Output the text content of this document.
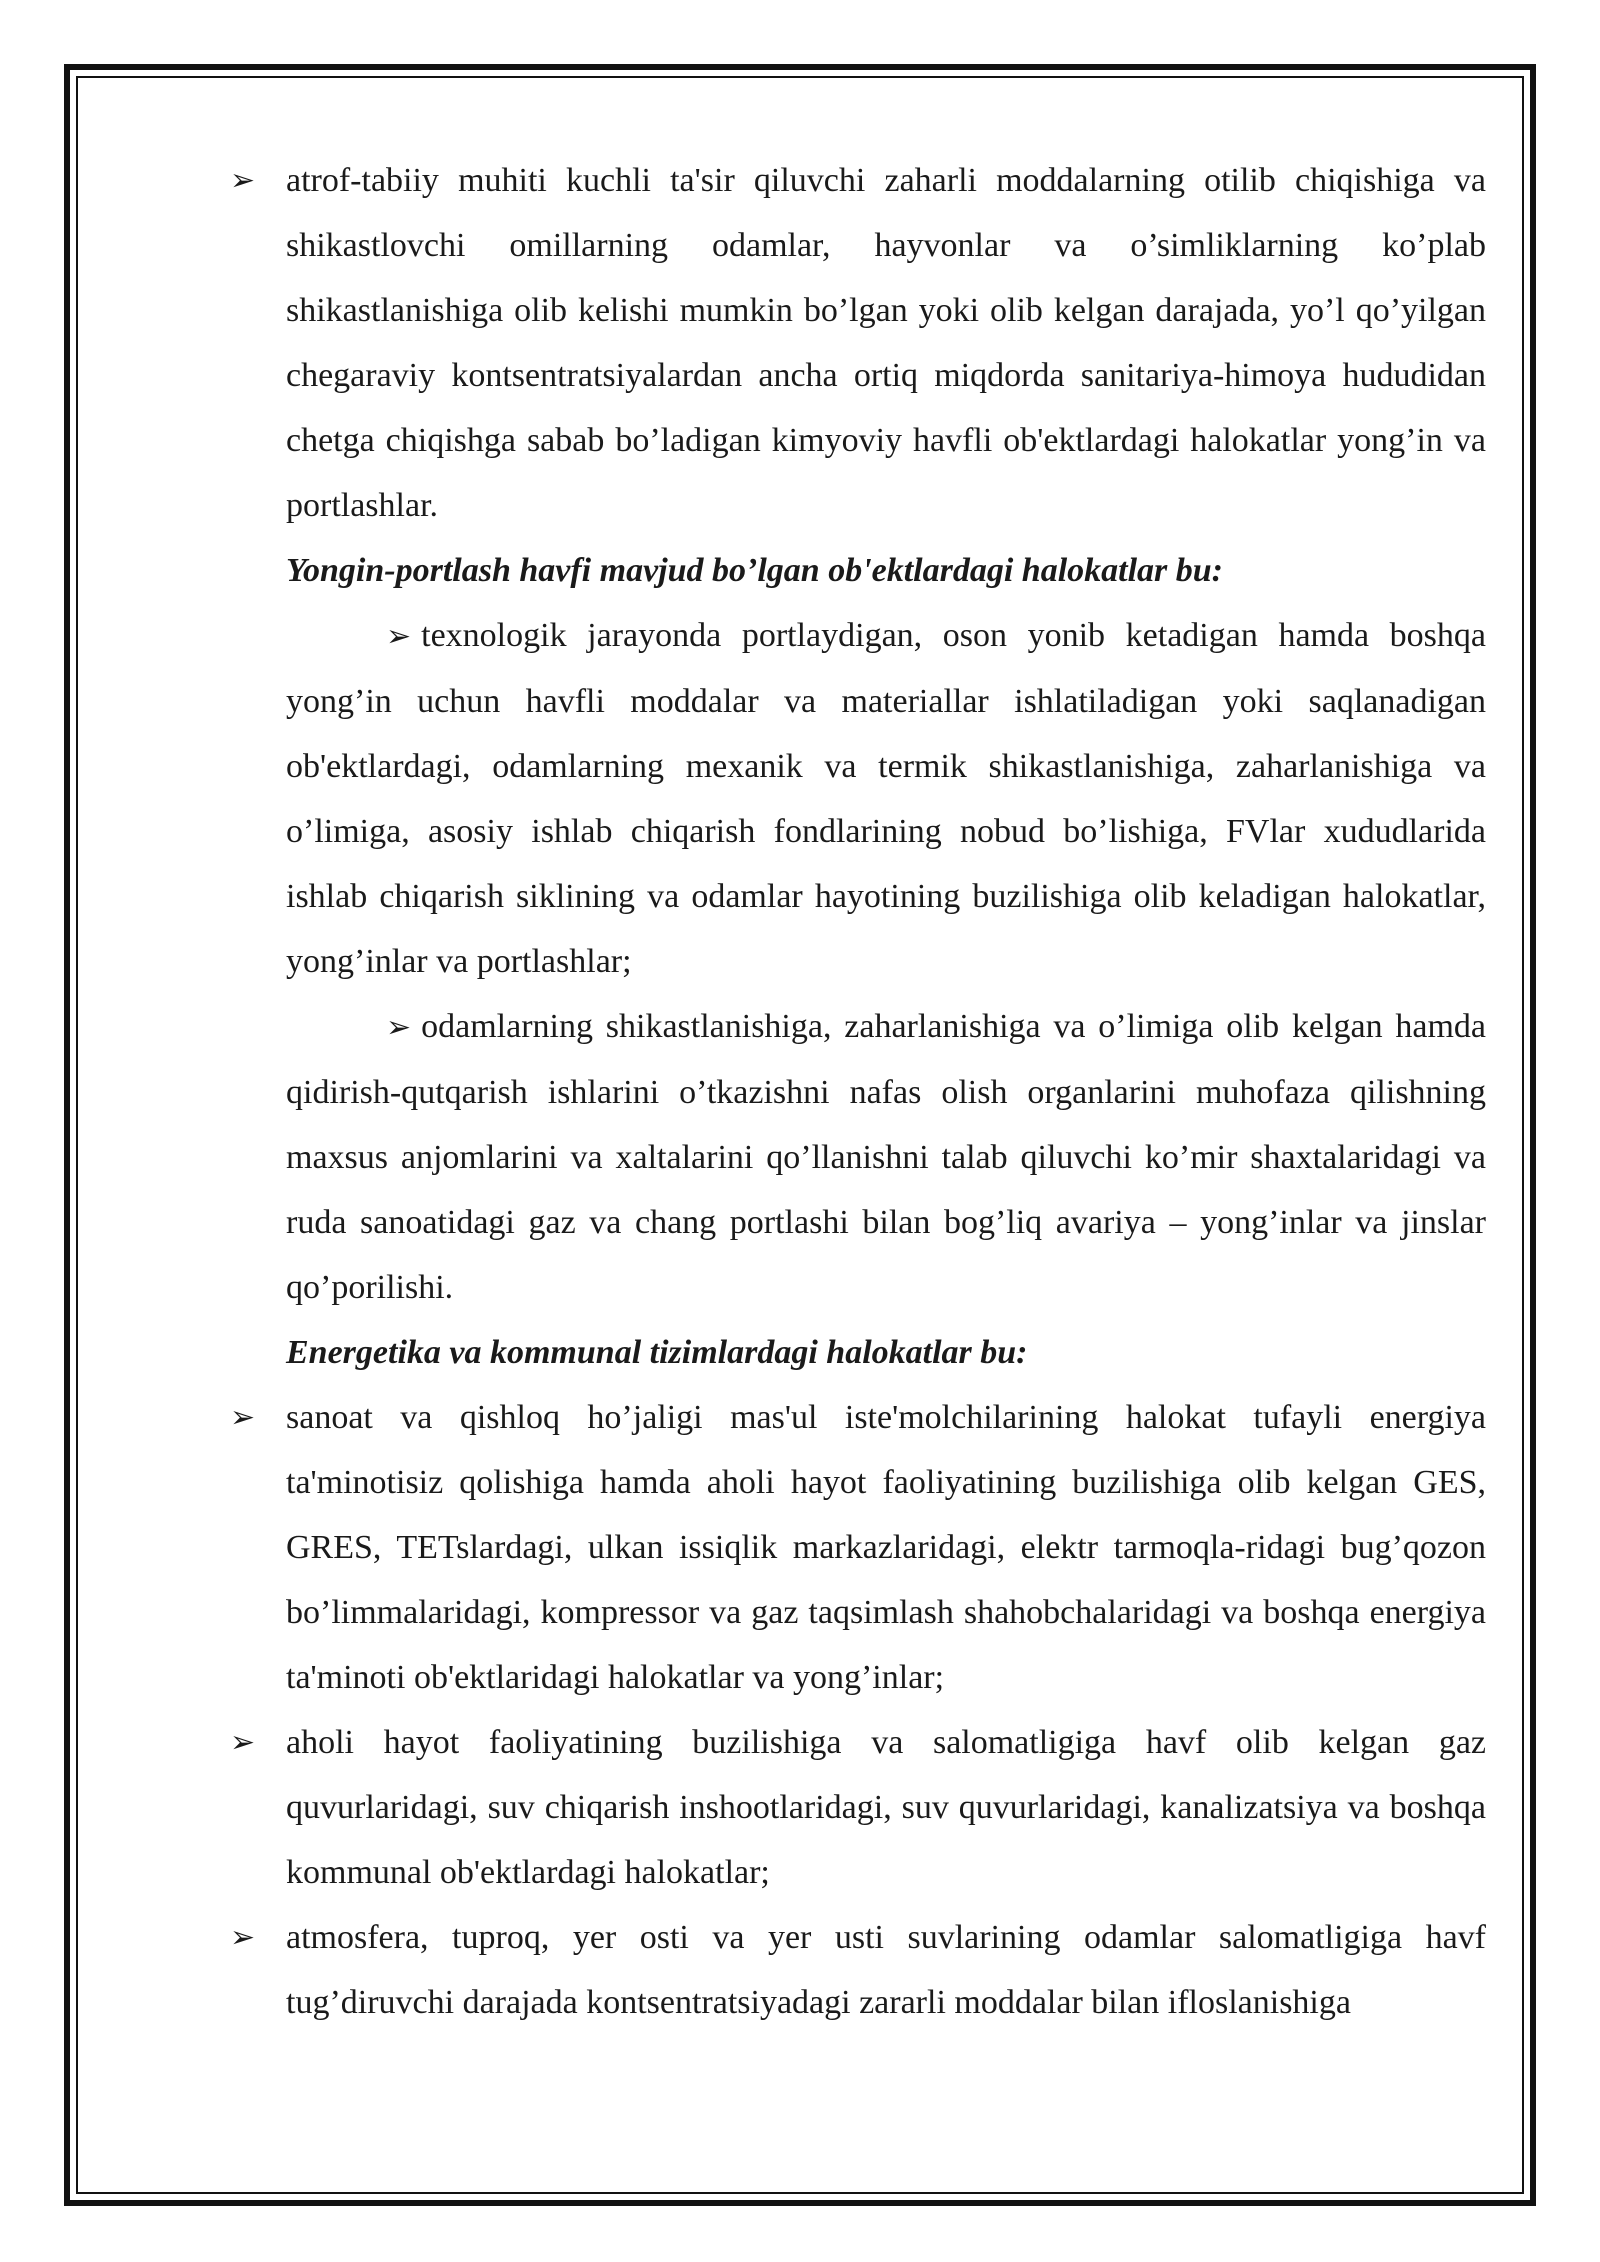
➢ atrof-tabiiy muhiti kuchli ta'sir qiluvchi zaharli moddalarning otilib chiqishiga va shikastlovchi omillarning odamlar, hayvonlar va o’simliklarning ko’plab shikastlanishiga olib kelishi mumkin bo’lgan yoki olib kelgan darajada, yo’l qo’yilgan chegaraviy kontsentratsiyalardan ancha ortiq miqdorda sanitariya-himoya hududidan chetga chiqishga sabab bo’ladigan kimyoviy havfli ob'ektlardagi halokatlar yong’in va portlashlar.

Yongin-portlash havfi mavjud bo’lgan ob'ektlardagi halokatlar bu:

➢ texnologik jarayonda portlaydigan, oson yonib ketadigan hamda boshqa yong’in uchun havfli moddalar va materiallar ishlatiladigan yoki saqlanadigan ob'ektlardagi, odamlarning mexanik va termik shikastlanishiga, zaharlanishiga va o’limiga, asosiy ishlab chiqarish fondlarining nobud bo’lishiga, FVlar xududlarida ishlab chiqarish siklining va odamlar hayotining buzilishiga olib keladigan halokatlar, yong’inlar va portlashlar;

➢ odamlarning shikastlanishiga, zaharlanishiga va o’limiga olib kelgan hamda qidirish-qutqarish ishlarini o’tkazishni nafas olish organlarini muhofaza qilishning maxsus anjomlarini va xaltalarini qo’llanishni talab qiluvchi ko’mir shaxtalaridagi va ruda sanoatidagi gaz va chang portlashi bilan bog’liq avariya – yong’inlar va jinslar qo’porilishi.

Energetika va kommunal tizimlardagi halokatlar bu:

➢ sanoat va qishloq ho’jaligi mas'ul iste'molchilarining halokat tufayli energiya ta'minotisiz qolishiga hamda aholi hayot faoliyatining buzilishiga olib kelgan GES, GRES, TETslardagi, ulkan issiqlik markazlaridagi, elektr tarmoqla-ridagi bug’qozon bo’limmalaridagi, kompressor va gaz taqsimlash shahobchalaridagi va boshqa energiya ta'minoti ob'ektlaridagi halokatlar va yong’inlar;
➢ aholi hayot faoliyatining buzilishiga va salomatligiga havf olib kelgan gaz quvurlaridagi, suv chiqarish inshootlaridagi, suv quvurlaridagi, kanalizatsiya va boshqa kommunal ob'ektlardagi halokatlar;
➢ atmosfera, tuproq, yer osti va yer usti suvlarining odamlar salomatligiga havf tug’diruvchi darajada kontsentratsiyadagi zararli moddalar bilan ifloslanishiga
